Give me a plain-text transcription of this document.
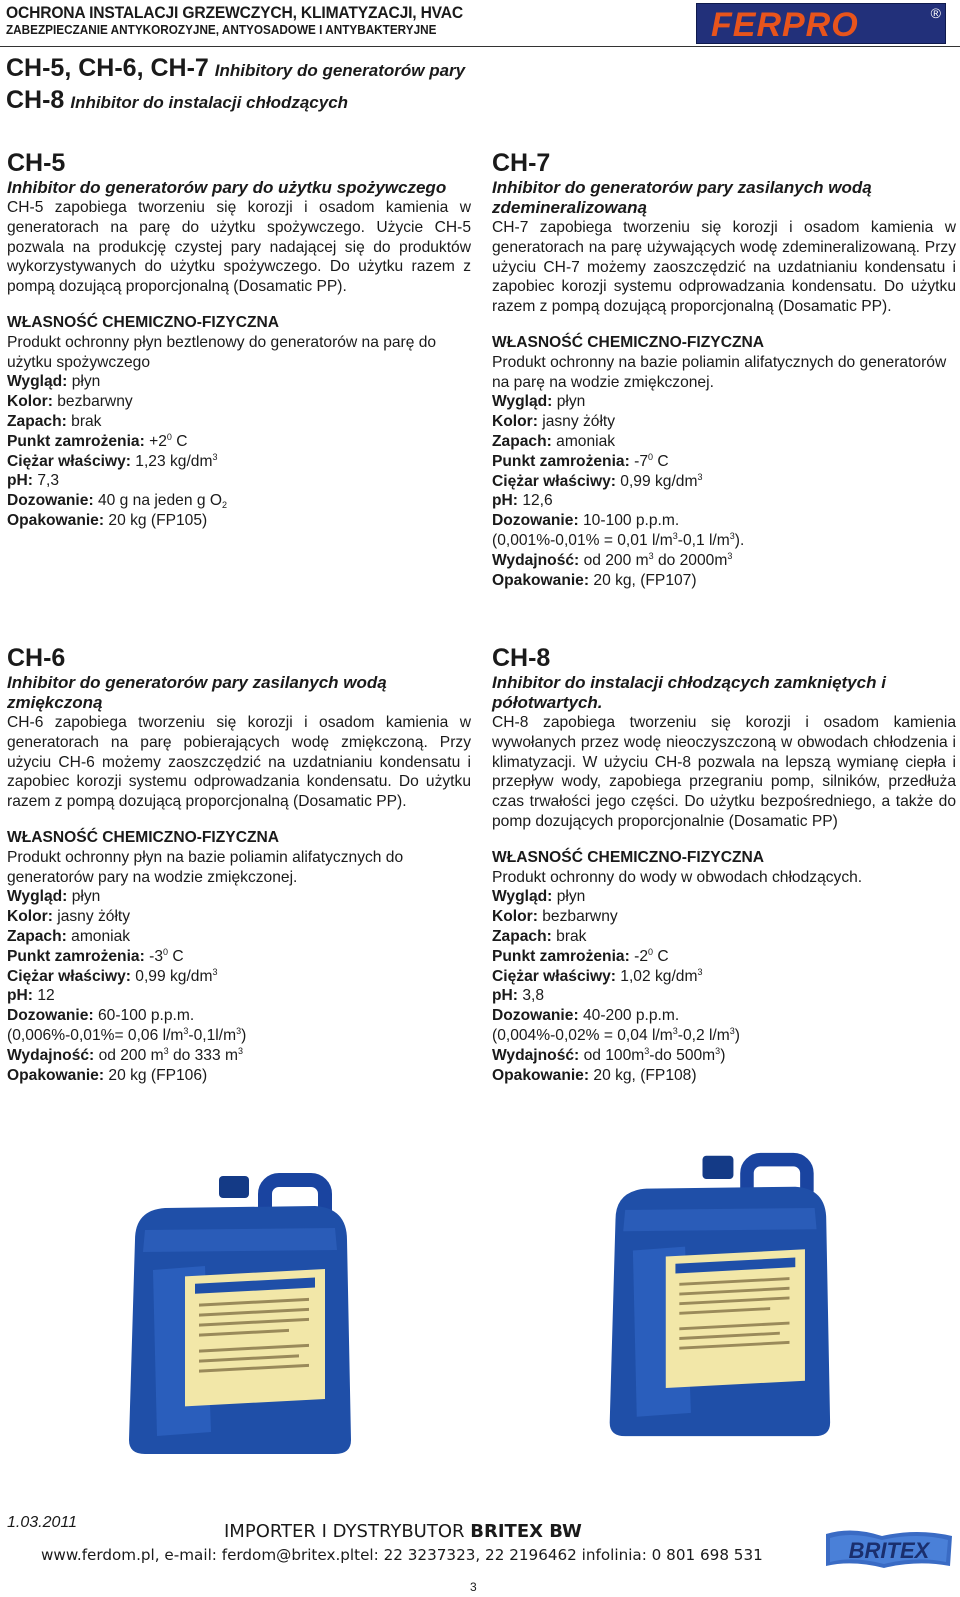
OCHRONA INSTALACJI GRZEWCZYCH, KLIMATYZACJI, HVAC
ZABEZPIECZANIE ANTYKOROZYJNE, ANTYOSADOWE I ANTYBAKTERYJNE	FERPRO	®
CH-5, CH-6, CH-7 Inhibitory do generatorów pary
CH-8 Inhibitor do instalacji chłodzących
CH-5
Inhibitor do generatorów pary do użytku spożywczego
CH-5 zapobiega tworzeniu się korozji i osadom kamienia w generatorach na parę do użytku spożywczego. Użycie CH-5 pozwala na produkcję czystej pary nadającej się do produktów wykorzystywanych do użytku spożywczego. Do użytku razem z pompą dozującą proporcjonalną (Dosamatic PP).
WŁASNOŚĆ CHEMICZNO-FIZYCZNA
Produkt ochronny płyn beztlenowy do generatorów na parę do użytku spożywczego
Wygląd: płyn
Kolor: bezbarwny
Zapach: brak
Punkt zamrożenia: $+2^0$ C
Ciężar właściwy: 1,23 $kg/dm^3$
pH: 7,3
Dozowanie: 40 g na jeden g $O_2$
Opakowanie: 20 kg (FP105)
CH-7
Inhibitor do generatorów pary zasilanych wodą zdemineralizowaną
CH-7 zapobiega tworzeniu się korozji i osadom kamienia w generatorach na parę używających wodę zdemineralizowaną. Przy użyciu CH-7 możemy zaoszczędzić na uzdatnianiu kondensatu i zapobiec korozji systemu odprowadzania kondensatu. Do użytku razem z pompą dozującą proporcjonalną (Dosamatic PP).
WŁASNOŚĆ CHEMICZNO-FIZYCZNA
Produkt ochronny na bazie poliamin alifatycznych do generatorów na parę na wodzie zmiękczonej.
Wygląd: płyn
Kolor: jasny żółty
Zapach: amoniak
Punkt zamrożenia: $-7^0$ C
Ciężar właściwy: 0,99 $kg/dm^3$
pH: 12,6
Dozowanie: 10-100 p.p.m.
(0,001%-0,01% = 0,01 $l/m^3-0,1$ $l/m^3$).
Wydajność: od 200 $m^3$ do $2000m^3$
Opakowanie: 20 kg, (FP107)
CH-6
Inhibitor do generatorów pary zasilanych wodą zmiękczoną
CH-6 zapobiega tworzeniu się korozji i osadom kamienia w generatorach na parę pobierających wodę zmiękczoną. Przy użyciu CH-6 możemy zaoszczędzić na uzdatnianiu kondensatu i zapobiec korozji systemu odprowadzania kondensatu. Do użytku razem z pompą dozującą proporcjonalną (Dosamatic PP).
WŁASNOŚĆ CHEMICZNO-FIZYCZNA
Produkt ochronny płyn na bazie poliamin alifatycznych do generatorów pary na wodzie zmiękczonej.
Wygląd: płyn
Kolor: jasny żółty
Zapach: amoniak
Punkt zamrożenia: $-3^0$ C
Ciężar właściwy: 0,99 $kg/dm^3$
pH: 12
Dozowanie: 60-100 p.p.m.
(0,006%-0,01%= 0,06 $l/m^3-0,1l/m^3$)
Wydajność: od 200 $m^3$ do 333 $m^3$
Opakowanie: 20 kg (FP106)
CH-8
Inhibitor do instalacji chłodzących zamkniętych i półotwartych.
CH-8 zapobiega tworzeniu się korozji i osadom kamienia wywołanych przez wodę nieoczyszczoną w obwodach chłodzenia i klimatyzacji. W użyciu CH-8 pozwala na lepszą wymianę ciepła i przepływ wody, zapobiega przegraniu pomp, silników, przedłuża czas trwałości jego części. Do użytku bezpośredniego, a także do pomp dozujących proporcjonalnie (Dosamatic PP)
WŁASNOŚĆ CHEMICZNO-FIZYCZNA
Produkt ochronny do wody w obwodach chłodzących.
Wygląd: płyn
Kolor: bezbarwny
Zapach: brak
Punkt zamrożenia: $-2^0$ C
Ciężar właściwy: 1,02 $kg/dm^3$
pH: 3,8
Dozowanie: 40-200 p.p.m.
(0,004%-0,02% = 0,04 $l/m^3-0,2$ $l/m^3$)
Wydajność: od $100m^3-do$ $500m^3$)
Opakowanie: 20 kg, (FP108)
1.03.2011	IMPORTER I DYSTRYBUTOR BRITEX BW
www.ferdom.pl, e-mail: ferdom@britex.pltel: 22 3237323, 22 2196462 infolinia: 0 801 698 531	BRITEX
3
